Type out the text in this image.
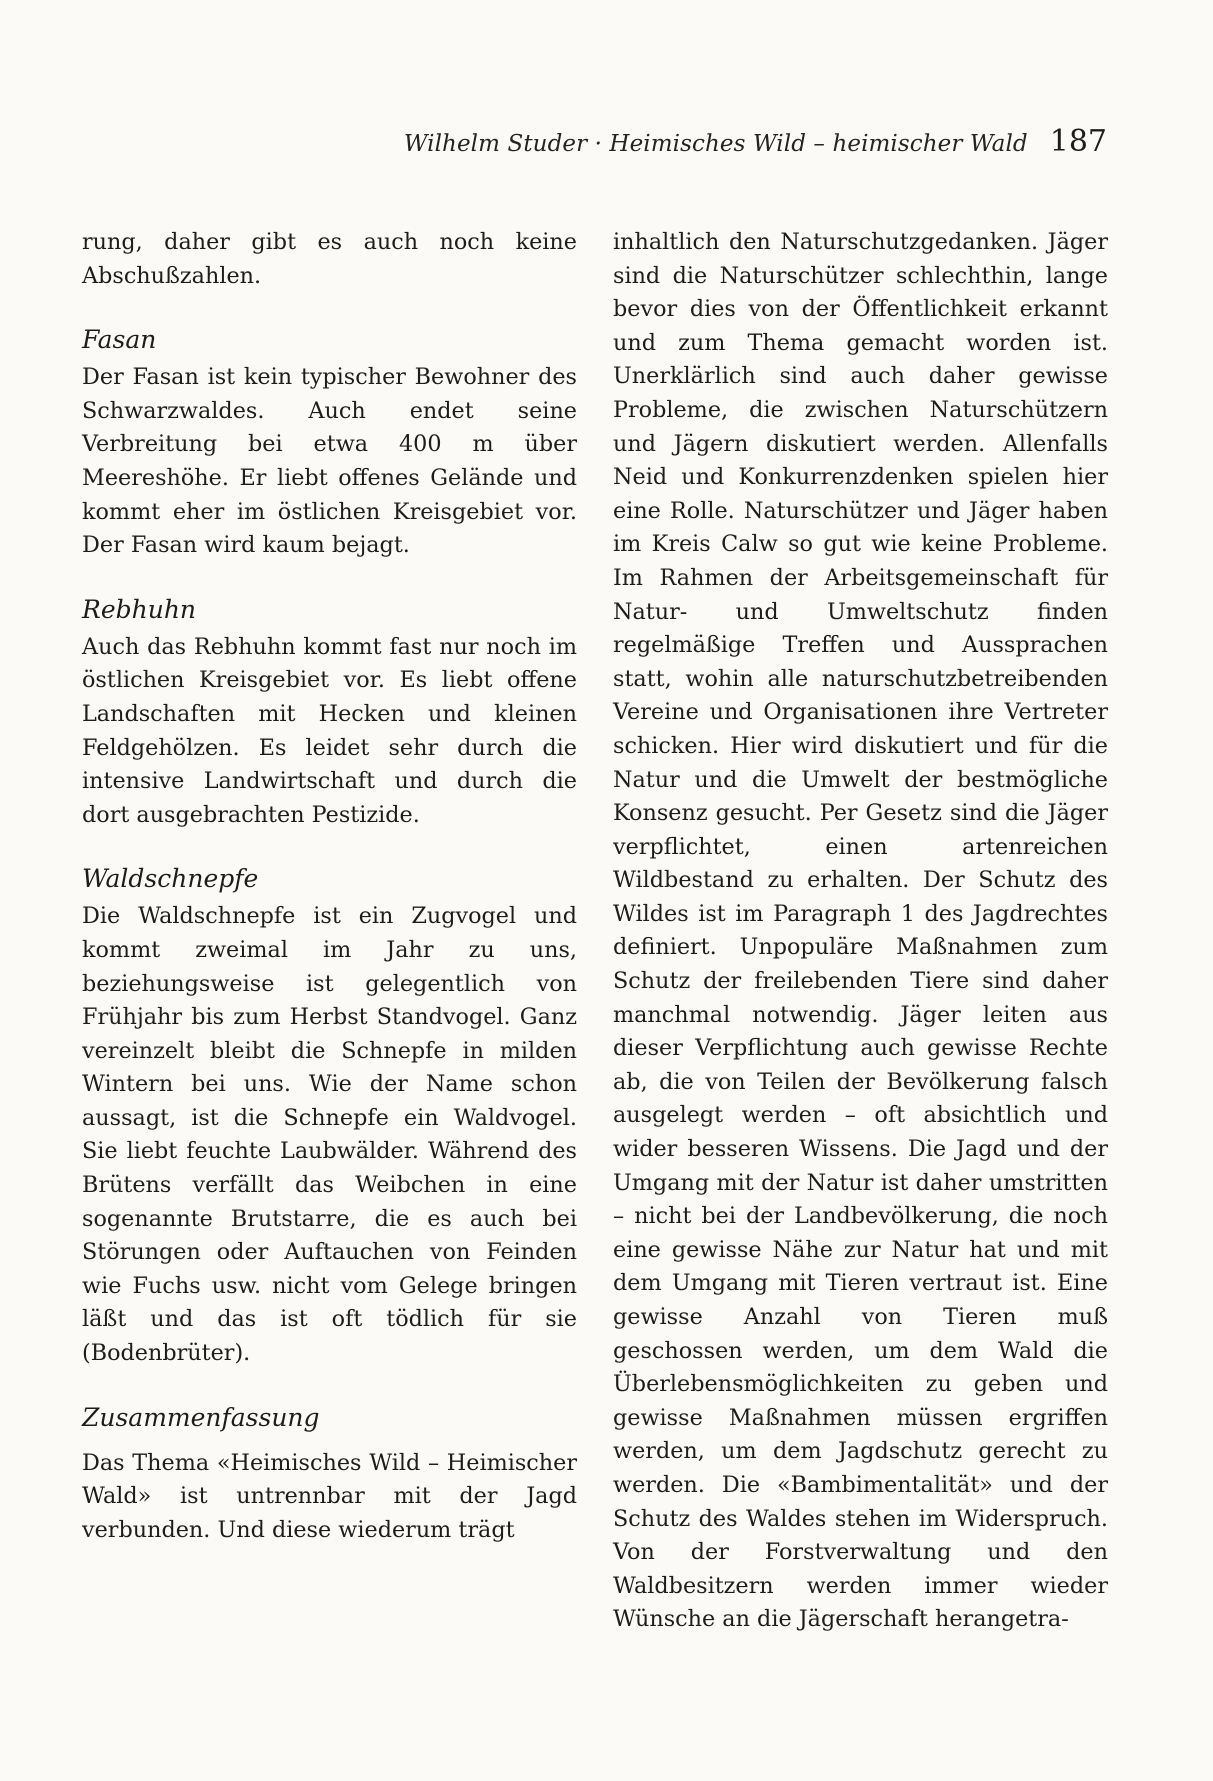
Wilhelm Studer · Heimisches Wild – heimischer Wald 187

rung, daher gibt es auch noch keine Abschußzahlen.

Fasan

Der Fasan ist kein typischer Bewohner des Schwarzwaldes. Auch endet seine Verbreitung bei etwa 400 m über Meereshöhe. Er liebt offenes Gelände und kommt eher im östlichen Kreisgebiet vor. Der Fasan wird kaum bejagt.

Rebhuhn

Auch das Rebhuhn kommt fast nur noch im östlichen Kreisgebiet vor. Es liebt offene Landschaften mit Hecken und kleinen Feldgehölzen. Es leidet sehr durch die intensive Landwirtschaft und durch die dort ausgebrachten Pestizide.

Waldschnepfe

Die Waldschnepfe ist ein Zugvogel und kommt zweimal im Jahr zu uns, beziehungsweise ist gelegentlich von Frühjahr bis zum Herbst Standvogel. Ganz vereinzelt bleibt die Schnepfe in milden Wintern bei uns. Wie der Name schon aussagt, ist die Schnepfe ein Waldvogel. Sie liebt feuchte Laubwälder. Während des Brütens verfällt das Weibchen in eine sogenannte Brutstarre, die es auch bei Störungen oder Auftauchen von Feinden wie Fuchs usw. nicht vom Gelege bringen läßt und das ist oft tödlich für sie (Bodenbrüter).

Zusammenfassung

Das Thema «Heimisches Wild – Heimischer Wald» ist untrennbar mit der Jagd verbunden. Und diese wiederum trägt

inhaltlich den Naturschutzgedanken. Jäger sind die Naturschützer schlechthin, lange bevor dies von der Öffentlichkeit erkannt und zum Thema gemacht worden ist. Unerklärlich sind auch daher gewisse Probleme, die zwischen Naturschützern und Jägern diskutiert werden. Allenfalls Neid und Konkurrenzdenken spielen hier eine Rolle. Naturschützer und Jäger haben im Kreis Calw so gut wie keine Probleme. Im Rahmen der Arbeitsgemeinschaft für Natur- und Umweltschutz finden regelmäßige Treffen und Aussprachen statt, wohin alle naturschutzbetreibenden Vereine und Organisationen ihre Vertreter schicken. Hier wird diskutiert und für die Natur und die Umwelt der bestmögliche Konsenz gesucht. Per Gesetz sind die Jäger verpflichtet, einen artenreichen Wildbestand zu erhalten. Der Schutz des Wildes ist im Paragraph 1 des Jagdrechtes definiert. Unpopuläre Maßnahmen zum Schutz der freilebenden Tiere sind daher manchmal notwendig. Jäger leiten aus dieser Verpflichtung auch gewisse Rechte ab, die von Teilen der Bevölkerung falsch ausgelegt werden – oft absichtlich und wider besseren Wissens. Die Jagd und der Umgang mit der Natur ist daher umstritten – nicht bei der Landbevölkerung, die noch eine gewisse Nähe zur Natur hat und mit dem Umgang mit Tieren vertraut ist. Eine gewisse Anzahl von Tieren muß geschossen werden, um dem Wald die Überlebensmöglichkeiten zu geben und gewisse Maßnahmen müssen ergriffen werden, um dem Jagdschutz gerecht zu werden. Die «Bambimentalität» und der Schutz des Waldes stehen im Widerspruch. Von der Forstverwaltung und den Waldbesitzern werden immer wieder Wünsche an die Jägerschaft herangetra-
